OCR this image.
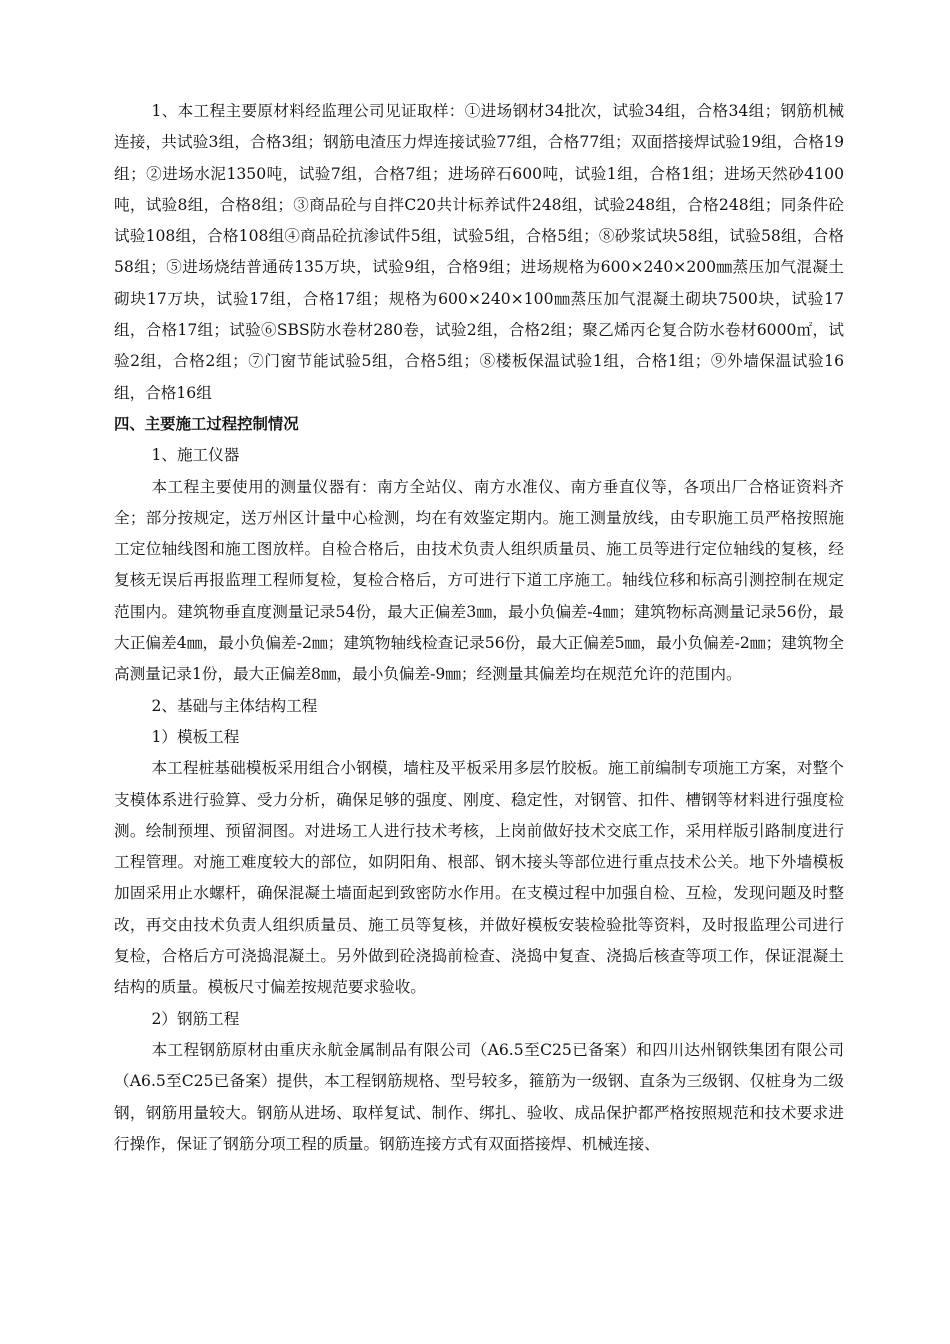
1、本工程主要原材料经监理公司见证取样：①进场钢材34批次，试验34组，合格34组；钢筋机械连接，共试验3组，合格3组；钢筋电渣压力焊连接试验77组，合格77组；双面搭接焊试验19组，合格19组；②进场水泥1350吨，试验7组，合格7组；进场碎石600吨，试验1组，合格1组；进场天然砂4100吨，试验8组，合格8组；③商品砼与自拌C20共计标养试件248组，试验248组，合格248组；同条件砼试验108组，合格108组④商品砼抗渗试件5组，试验5组，合格5组；⑧砂浆试块58组，试验58组，合格58组；⑤进场烧结普通砖135万块，试验9组，合格9组；进场规格为600×240×200㎜蒸压加气混凝土砌块17万块，试验17组，合格17组；规格为600×240×100㎜蒸压加气混凝土砌块7500块，试验17组，合格17组；试验⑥SBS防水卷材280卷，试验2组，合格2组；聚乙烯丙仑复合防水卷材6000㎡，试验2组，合格2组；⑦门窗节能试验5组，合格5组；⑧楼板保温试验1组，合格1组；⑨外墙保温试验16组，合格16组

四、主要施工过程控制情况

1、施工仪器

本工程主要使用的测量仪器有：南方全站仪、南方水准仪、南方垂直仪等，各项出厂合格证资料齐全；部分按规定，送万州区计量中心检测，均在有效鉴定期内。施工测量放线，由专职施工员严格按照施工定位轴线图和施工图放样。自检合格后，由技术负责人组织质量员、施工员等进行定位轴线的复核，经复核无误后再报监理工程师复检，复检合格后，方可进行下道工序施工。轴线位移和标高引测控制在规定范围内。建筑物垂直度测量记录54份，最大正偏差3㎜，最小负偏差-4㎜；建筑物标高测量记录56份，最大正偏差4㎜，最小负偏差-2㎜；建筑物轴线检查记录56份，最大正偏差5㎜，最小负偏差-2㎜；建筑物全高测量记录1份，最大正偏差8㎜，最小负偏差-9㎜；经测量其偏差均在规范允许的范围内。

2、基础与主体结构工程

1）模板工程

本工程桩基础模板采用组合小钢模，墙柱及平板采用多层竹胶板。施工前编制专项施工方案，对整个支模体系进行验算、受力分析，确保足够的强度、刚度、稳定性，对钢管、扣件、槽钢等材料进行强度检测。绘制预埋、预留洞图。对进场工人进行技术考核，上岗前做好技术交底工作，采用样版引路制度进行工程管理。对施工难度较大的部位，如阴阳角、根部、钢木接头等部位进行重点技术公关。地下外墙模板加固采用止水螺杆，确保混凝土墙面起到致密防水作用。在支模过程中加强自检、互检，发现问题及时整改，再交由技术负责人组织质量员、施工员等复核，并做好模板安装检验批等资料，及时报监理公司进行复检，合格后方可浇捣混凝土。另外做到砼浇捣前检查、浇捣中复查、浇捣后核查等项工作，保证混凝土结构的质量。模板尺寸偏差按规范要求验收。

2）钢筋工程

本工程钢筋原材由重庆永航金属制品有限公司（A6.5至C25已备案）和四川达州钢铁集团有限公司（A6.5至C25已备案）提供，本工程钢筋规格、型号较多，箍筋为一级钢、直条为三级钢、仅桩身为二级钢，钢筋用量较大。钢筋从进场、取样复试、制作、绑扎、验收、成品保护都严格按照规范和技术要求进行操作，保证了钢筋分项工程的质量。钢筋连接方式有双面搭接焊、机械连接、
